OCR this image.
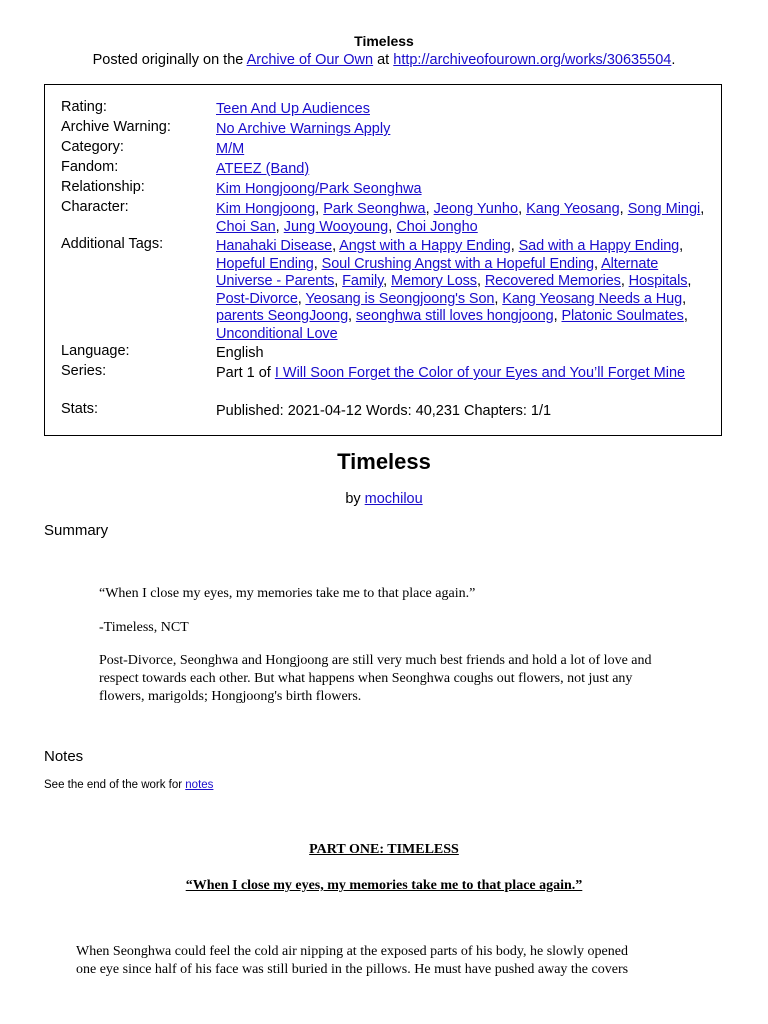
Timeless
Posted originally on the Archive of Our Own at http://archiveofourown.org/works/30635504.
Rating:	Teen And Up Audiences
Archive Warning:	No Archive Warnings Apply
Category:	M/M
Fandom:	ATEEZ (Band)
Relationship:	Kim Hongjoong/Park Seonghwa
Character:	Kim Hongjoong, Park Seonghwa, Jeong Yunho, Kang Yeosang, Song Mingi, Choi San, Jung Wooyoung, Choi Jongho
Additional Tags:	Hanahaki Disease, Angst with a Happy Ending, Sad with a Happy Ending, Hopeful Ending, Soul Crushing Angst with a Hopeful Ending, Alternate Universe - Parents, Family, Memory Loss, Recovered Memories, Hospitals, Post-Divorce, Yeosang is Seongjoong's Son, Kang Yeosang Needs a Hug, parents SeongJoong, seonghwa still loves hongjoong, Platonic Soulmates, Unconditional Love
Language:	English
Series:	Part 1 of I Will Soon Forget the Color of your Eyes and You’ll Forget Mine
Stats:	Published: 2021-04-12 Words: 40,231 Chapters: 1/1
Timeless
by mochilou
Summary
“When I close my eyes, my memories take me to that place again.”
-Timeless, NCT
Post-Divorce, Seonghwa and Hongjoong are still very much best friends and hold a lot of love and respect towards each other. But what happens when Seonghwa coughs out flowers, not just any flowers, marigolds; Hongjoong's birth flowers.
Notes
See the end of the work for notes
PART ONE: TIMELESS
“When I close my eyes, my memories take me to that place again.”
When Seonghwa could feel the cold air nipping at the exposed parts of his body, he slowly opened
one eye since half of his face was still buried in the pillows. He must have pushed away the covers
